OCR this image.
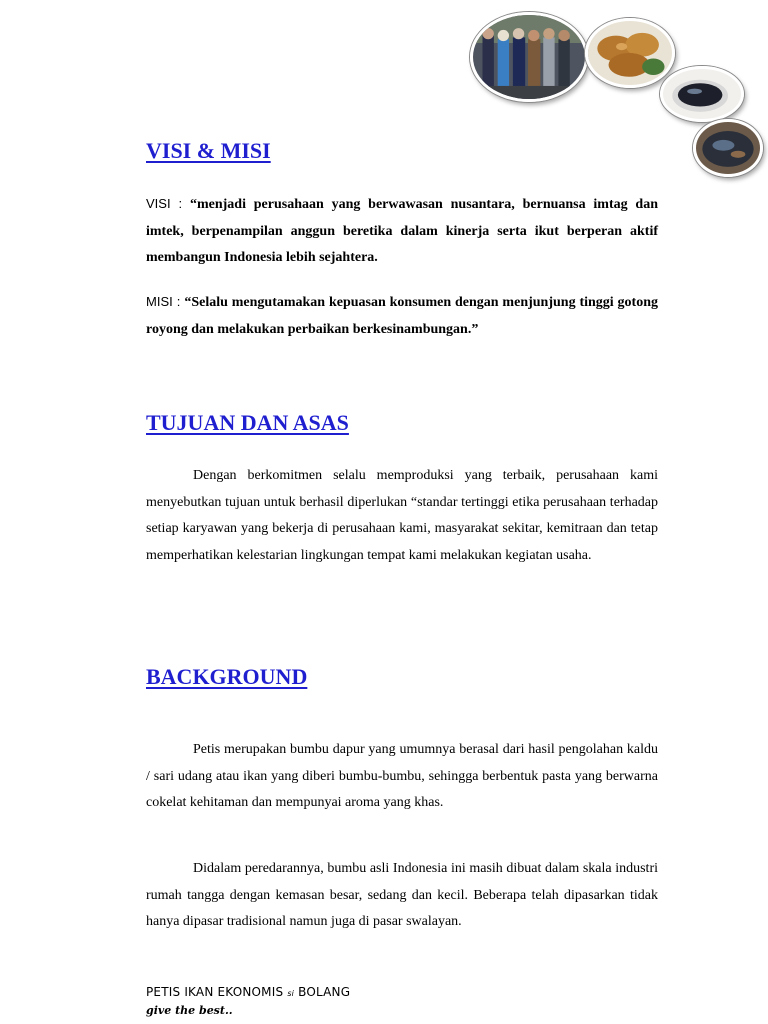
VISI & MISI

VISI : “menjadi perusahaan yang berwawasan nusantara, bernuansa imtag dan imtek, berpenampilan anggun beretika dalam kinerja serta ikut berperan aktif membangun Indonesia lebih sejahtera.

MISI : “Selalu mengutamakan kepuasan konsumen dengan menjunjung tinggi gotong royong dan melakukan perbaikan berkesinambungan.”

TUJUAN DAN ASAS

Dengan berkomitmen selalu memproduksi yang terbaik, perusahaan kami menyebutkan tujuan untuk berhasil diperlukan “standar tertinggi etika perusahaan terhadap setiap karyawan yang bekerja di perusahaan kami, masyarakat sekitar, kemitraan dan tetap memperhatikan kelestarian lingkungan tempat kami melakukan kegiatan usaha.

BACKGROUND

Petis merupakan bumbu dapur yang umumnya berasal dari hasil pengolahan kaldu / sari udang atau ikan yang diberi bumbu-bumbu, sehingga berbentuk pasta yang berwarna cokelat kehitaman dan mempunyai aroma yang khas.

Didalam peredarannya, bumbu asli Indonesia ini masih dibuat dalam skala industri rumah tangga dengan kemasan besar, sedang dan kecil. Beberapa telah dipasarkan tidak hanya dipasar tradisional namun juga di pasar swalayan.

PETIS IKAN EKONOMIS si BOLANG
give the best..
